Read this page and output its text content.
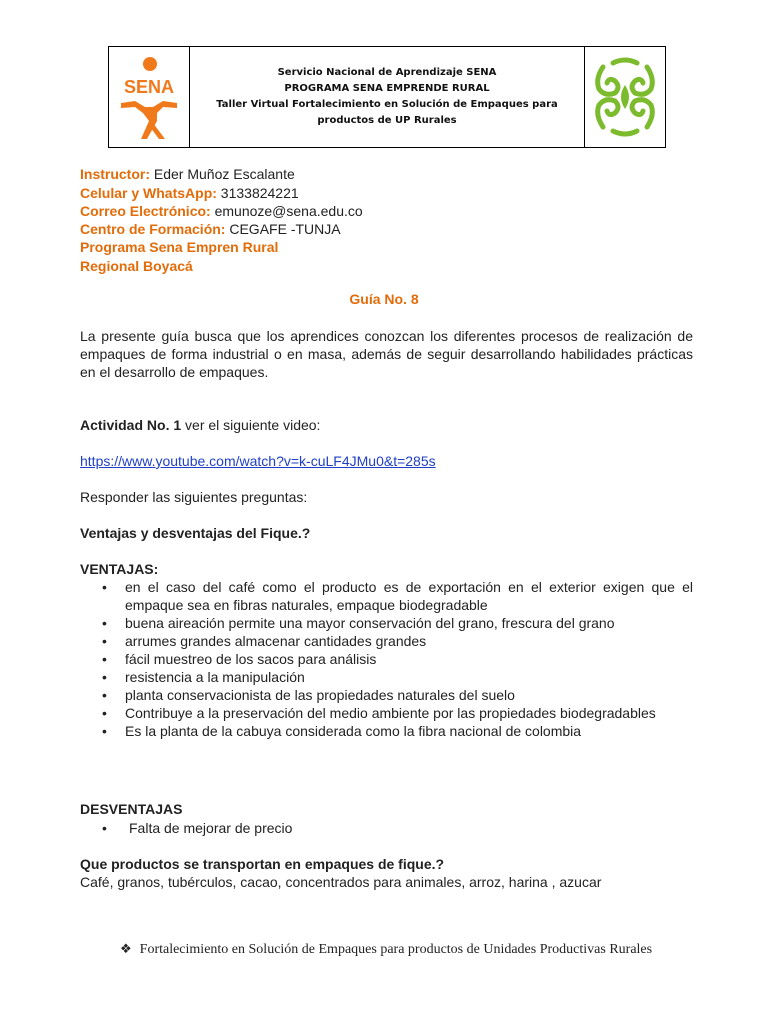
SENA
Servicio Nacional de Aprendizaje SENA
PROGRAMA SENA EMPRENDE RURAL
Taller Virtual Fortalecimiento en Solución de Empaques para
productos de UP Rurales
Instructor: Eder Muñoz Escalante
Celular y WhatsApp: 3133824221
Correo Electrónico: emunoze@sena.edu.co
Centro de Formación: CEGAFE -TUNJA
Programa Sena Empren Rural
Regional Boyacá
Guía No. 8
La presente guía busca que los aprendices conozcan los diferentes procesos de realización de empaques de forma industrial o en masa, además de seguir desarrollando habilidades prácticas en el desarrollo de empaques.
Actividad No. 1 ver el siguiente video:
https://www.youtube.com/watch?v=k-cuLF4JMu0&t=285s
Responder las siguientes preguntas:
Ventajas y desventajas del Fique.?
VENTAJAS:
• en el caso del café como el producto es de exportación en el exterior exigen que el empaque sea en fibras naturales, empaque biodegradable
• buena aireación permite una mayor conservación del grano, frescura del grano
• arrumes grandes almacenar cantidades grandes
• fácil muestreo de los sacos para análisis
• resistencia a la manipulación
• planta conservacionista de las propiedades naturales del suelo
• Contribuye a la preservación del medio ambiente por las propiedades biodegradables
• Es la planta de la cabuya considerada como la fibra nacional de colombia
DESVENTAJAS
• Falta de mejorar de precio
Que productos se transportan en empaques de fique.?
Café, granos, tubérculos, cacao, concentrados para animales, arroz, harina , azucar
❖ Fortalecimiento en Solución de Empaques para productos de Unidades Productivas Rurales
